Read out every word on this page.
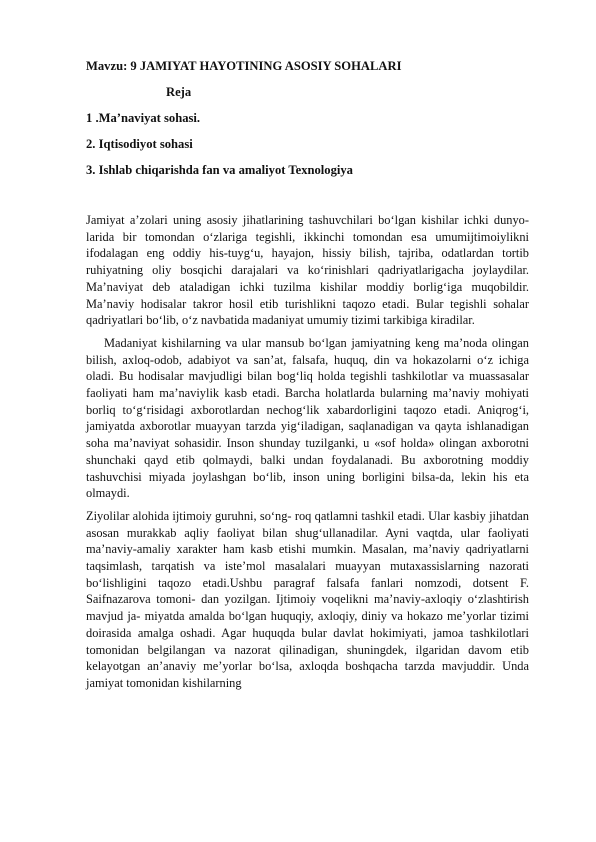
Mavzu: 9 JAMIYAT HAYOTINING ASOSIY SOHALARI
Reja
1 .Ma’naviyat sohasi.
2. Iqtisodiyot sohasi
3. Ishlab chiqarishda fan va amaliyot Texnologiya

Jamiyat a’zolari uning asosiy jihatlarining tashuvchilari bo‘lgan kishilar ichki dunyo- larida bir tomondan o‘zlariga tegishli, ikkinchi tomondan esa umumijtimoiylikni ifodalagan eng oddiy his-tuyg‘u, hayajon, hissiy bilish, tajriba, odatlardan tortib ruhiyatning oliy bosqichi darajalari va ko‘rinishlari qadriyatlarigacha joylaydilar. Ma’naviyat deb ataladigan ichki tuzilma kishilar moddiy borlig‘iga muqobildir. Ma’naviy hodisalar takror hosil etib turishlikni taqozo etadi. Bular tegishli sohalar qadriyatlari bo‘lib, o‘z navbatida madaniyat umumiy tizimi tarkibiga kiradilar.

Madaniyat kishilarning va ular mansub bo‘lgan jamiyatning keng ma’noda olingan bilish, axloq-odob, adabiyot va san’at, falsafa, huquq, din va hokazolarni o‘z ichiga oladi. Bu hodisalar mavjudligi bilan bog‘liq holda tegishli tashkilotlar va muassasalar faoliyati ham ma’naviylik kasb etadi. Barcha holatlarda bularning ma’naviy mohiyati borliq to‘g‘risidagi axborotlardan nechog‘lik xabardorligini taqozo etadi. Aniqrog‘i, jamiyatda axborotlar muayyan tarzda yig‘iladigan, saqlanadigan va qayta ishlanadigan soha ma’naviyat sohasidir. Inson shunday tuzilganki, u «sof holda» olingan axborotni shunchaki qayd etib qolmaydi, balki undan foydalanadi. Bu axborotning moddiy tashuvchisi miyada joylashgan bo‘lib, inson uning borligini bilsa-da, lekin his eta olmaydi.

Ziyolilar alohida ijtimoiy guruhni, so‘ng- roq qatlamni tashkil etadi. Ular kasbiy jihatdan asosan murakkab aqliy faoliyat bilan shug‘ullanadilar. Ayni vaqtda, ular faoliyati ma’naviy-amaliy xarakter ham kasb etishi mumkin. Masalan, ma’naviy qadriyatlarni taqsimlash, tarqatish va iste’mol masalalari muayyan mutaxassislarning nazorati bo‘lishligini taqozo etadi.Ushbu paragraf falsafa fanlari nomzodi, dotsent F. Saifnazarova tomoni- dan yozilgan. Ijtimoiy voqelikni ma’naviy-axloqiy o‘zlashtirish mavjud ja- miyatda amalda bo‘lgan huquqiy, axloqiy, diniy va hokazo me’yorlar tizimi doirasida amalga oshadi. Agar huquqda bular davlat hokimiyati, jamoa tashkilotlari tomonidan belgilangan va nazorat qilinadigan, shuningdek, ilgaridan davom etib kelayotgan an’anaviy me’yorlar bo‘lsa, axloqda boshqacha tarzda mavjuddir. Unda jamiyat tomonidan kishilarning
